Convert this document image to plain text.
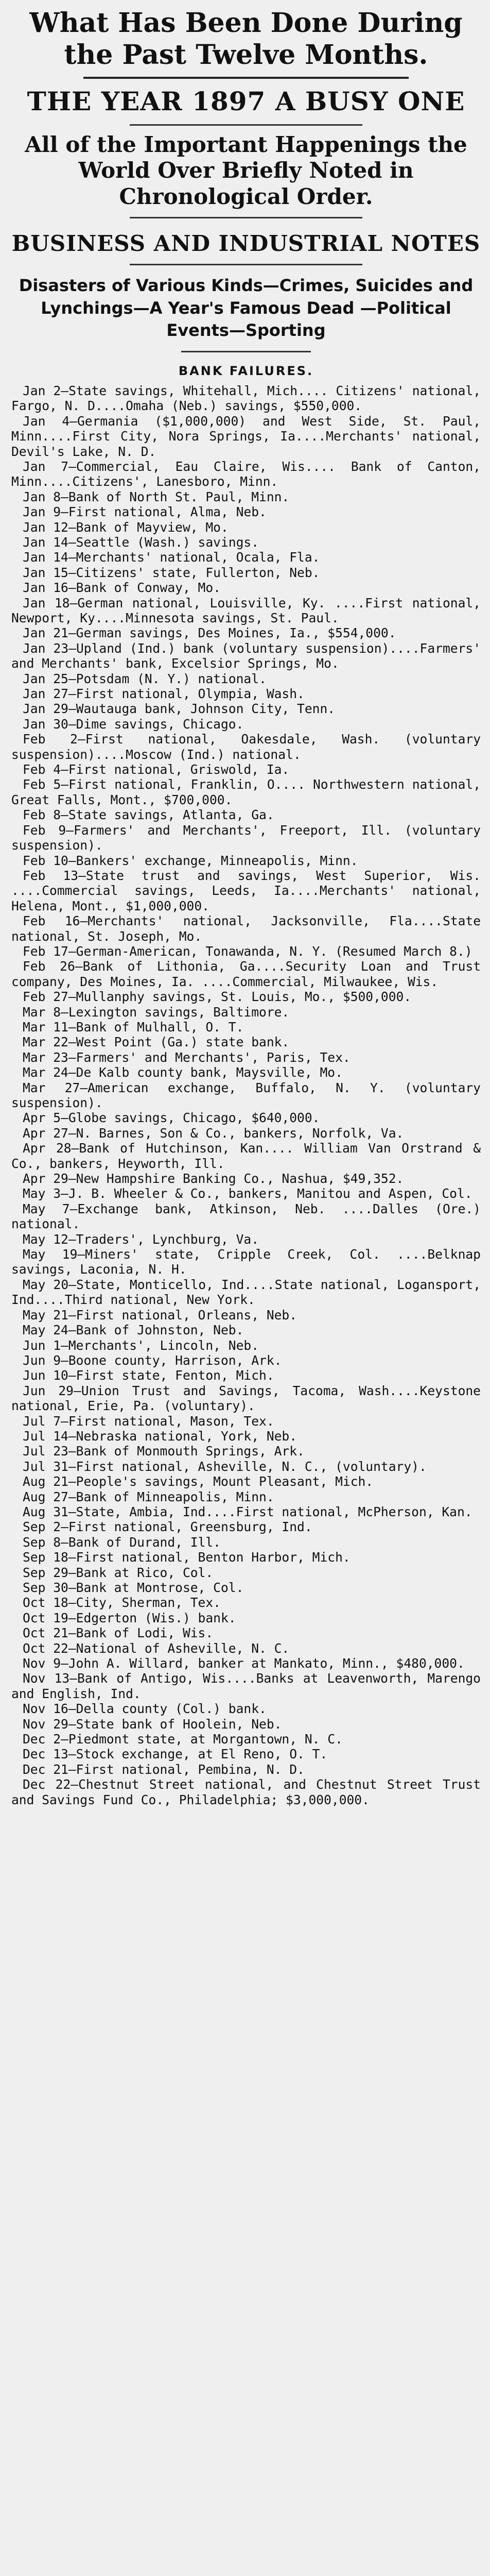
What Has Been Done During the Past Twelve Months.
THE YEAR 1897 A BUSY ONE
All of the Important Happenings the World Over Briefly Noted in Chronological Order.
BUSINESS AND INDUSTRIAL NOTES
Disasters of Various Kinds—Crimes, Suicides and Lynchings—A Year's Famous Dead —Political Events—Sporting
BANK FAILURES.
Jan 2—State savings, Whitehall, Mich.... Citizens' national, Fargo, N. D....Omaha (Neb.) savings, $550,000.
Jan 4—Germania ($1,000,000) and West Side, St. Paul, Minn....First City, Nora Springs, Ia....Merchants' national, Devil's Lake, N. D.
Jan 7—Commercial, Eau Claire, Wis.... Bank of Canton, Minn....Citizens', Lanesboro, Minn.
Jan 8—Bank of North St. Paul, Minn.
Jan 9—First national, Alma, Neb.
Jan 12—Bank of Mayview, Mo.
Jan 14—Seattle (Wash.) savings.
Jan 14—Merchants' national, Ocala, Fla.
Jan 15—Citizens' state, Fullerton, Neb.
Jan 16—Bank of Conway, Mo.
Jan 18—German national, Louisville, Ky. ....First national, Newport, Ky....Minnesota savings, St. Paul.
Jan 21—German savings, Des Moines, Ia., $554,000.
Jan 23—Upland (Ind.) bank (voluntary suspension)....Farmers' and Merchants' bank, Excelsior Springs, Mo.
Jan 25—Potsdam (N. Y.) national.
Jan 27—First national, Olympia, Wash.
Jan 29—Wautauga bank, Johnson City, Tenn.
Jan 30—Dime savings, Chicago.
Feb 2—First national, Oakesdale, Wash. (voluntary suspension)....Moscow (Ind.) national.
Feb 4—First national, Griswold, Ia.
Feb 5—First national, Franklin, O.... Northwestern national, Great Falls, Mont., $700,000.
Feb 8—State savings, Atlanta, Ga.
Feb 9—Farmers' and Merchants', Freeport, Ill. (voluntary suspension).
Feb 10—Bankers' exchange, Minneapolis, Minn.
Feb 13—State trust and savings, West Superior, Wis. ....Commercial savings, Leeds, Ia....Merchants' national, Helena, Mont., $1,000,000.
Feb 16—Merchants' national, Jacksonville, Fla....State national, St. Joseph, Mo.
Feb 17—German-American, Tonawanda, N. Y. (Resumed March 8.)
Feb 26—Bank of Lithonia, Ga....Security Loan and Trust company, Des Moines, Ia. ....Commercial, Milwaukee, Wis.
Feb 27—Mullanphy savings, St. Louis, Mo., $500,000.
Mar 8—Lexington savings, Baltimore.
Mar 11—Bank of Mulhall, O. T.
Mar 22—West Point (Ga.) state bank.
Mar 23—Farmers' and Merchants', Paris, Tex.
Mar 24—De Kalb county bank, Maysville, Mo.
Mar 27—American exchange, Buffalo, N. Y. (voluntary suspension).
Apr 5—Globe savings, Chicago, $640,000.
Apr 27—N. Barnes, Son & Co., bankers, Norfolk, Va.
Apr 28—Bank of Hutchinson, Kan.... William Van Orstrand & Co., bankers, Heyworth, Ill.
Apr 29—New Hampshire Banking Co., Nashua, $49,352.
May 3—J. B. Wheeler & Co., bankers, Manitou and Aspen, Col.
May 7—Exchange bank, Atkinson, Neb. ....Dalles (Ore.) national.
May 12—Traders', Lynchburg, Va.
May 19—Miners' state, Cripple Creek, Col. ....Belknap savings, Laconia, N. H.
May 20—State, Monticello, Ind....State national, Logansport, Ind....Third national, New York.
May 21—First national, Orleans, Neb.
May 24—Bank of Johnston, Neb.
Jun 1—Merchants', Lincoln, Neb.
Jun 9—Boone county, Harrison, Ark.
Jun 10—First state, Fenton, Mich.
Jun 29—Union Trust and Savings, Tacoma, Wash....Keystone national, Erie, Pa. (voluntary).
Jul 7—First national, Mason, Tex.
Jul 14—Nebraska national, York, Neb.
Jul 23—Bank of Monmouth Springs, Ark.
Jul 31—First national, Asheville, N. C., (voluntary).
Aug 21—People's savings, Mount Pleasant, Mich.
Aug 27—Bank of Minneapolis, Minn.
Aug 31—State, Ambia, Ind....First national, McPherson, Kan.
Sep 2—First national, Greensburg, Ind.
Sep 8—Bank of Durand, Ill.
Sep 18—First national, Benton Harbor, Mich.
Sep 29—Bank at Rico, Col.
Sep 30—Bank at Montrose, Col.
Oct 18—City, Sherman, Tex.
Oct 19—Edgerton (Wis.) bank.
Oct 21—Bank of Lodi, Wis.
Oct 22—National of Asheville, N. C.
Nov 9—John A. Willard, banker at Mankato, Minn., $480,000.
Nov 13—Bank of Antigo, Wis....Banks at Leavenworth, Marengo and English, Ind.
Nov 16—Della county (Col.) bank.
Nov 29—State bank of Hoolein, Neb.
Dec 2—Piedmont state, at Morgantown, N. C.
Dec 13—Stock exchange, at El Reno, O. T.
Dec 21—First national, Pembina, N. D.
Dec 22—Chestnut Street national, and Chestnut Street Trust and Savings Fund Co., Philadelphia; $3,000,000.
